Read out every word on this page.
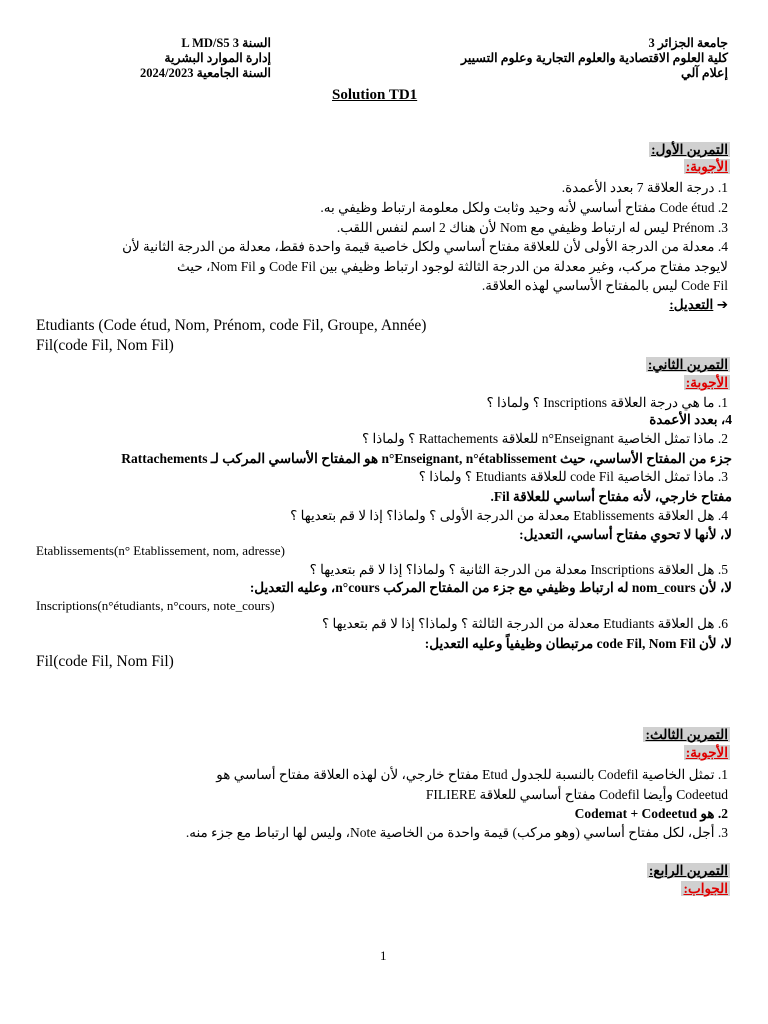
جامعة الجزائر 3
كلية العلوم الاقتصادية والعلوم التجارية وعلوم التسيير
إعلام آلي
السنة 3 L MD/S5
إدارة الموارد البشرية
السنة الجامعية 2024/2023
Solution TD1
التمرين الأول:
الأجوبة:
1. درجة العلاقة 7 بعدد الأعمدة.
2. Code étud مفتاح أساسي لأنه وحيد وثابت ولكل معلومة ارتباط وظيفي به.
3. Prénom ليس له ارتباط وظيفي مع Nom لأن هناك 2 اسم لنفس اللقب.
4. معدلة من الدرجة الأولى لأن للعلاقة مفتاح أساسي ولكل خاصية قيمة واحدة فقط، معدلة من الدرجة الثانية لأن
لايوجد مفتاح مركب، وغير معدلة من الدرجة الثالثة لوجود ارتباط وظيفي بين Code Fil و Nom Fil، حيث
Code Fil ليس بالمفتاح الأساسي لهذه العلاقة.
➔ التعديل:
Etudiants (Code étud, Nom, Prénom, code Fil, Groupe, Année)
Fil(code Fil, Nom Fil)
التمرين الثاني:
الأجوبة:
1. ما هي درجة العلاقة Inscriptions ؟ ولماذا ؟
4، بعدد الأعمدة
2. ماذا تمثل الخاصية n°Enseignant للعلاقة Rattachements ؟ ولماذا ؟
جزء من المفتاح الأساسي، حيث n°Enseignant, n°établissement هو المفتاح الأساسي المركب لـ Rattachements
3. ماذا تمثل الخاصية code Fil للعلاقة Etudiants ؟ ولماذا ؟
مفتاح خارجي، لأنه مفتاح أساسي للعلاقة Fil.
4. هل العلاقة Etablissements معدلة من الدرجة الأولى ؟ ولماذا؟ إذا لا قم بتعديها ؟
لا، لأنها لا تحوي مفتاح أساسي، التعديل:
Etablissements(n° Etablissement, nom, adresse)
5. هل العلاقة Inscriptions معدلة من الدرجة الثانية ؟ ولماذا؟ إذا لا قم بتعديها ؟
لا، لأن nom_cours له ارتباط وظيفي مع جزء من المفتاح المركب n°cours، وعليه التعديل:
Inscriptions(n°étudiants, n°cours, note_cours)
6. هل العلاقة Etudiants معدلة من الدرجة الثالثة ؟ ولماذا؟ إذا لا قم بتعديها ؟
لا، لأن code Fil, Nom Fil مرتبطان وظيفياً وعليه التعديل:
Fil(code Fil, Nom Fil)
التمرين الثالث:
الأجوبة:
1. تمثل الخاصية Codefil بالنسبة للجدول Etud مفتاح خارجي، لأن لهذه العلاقة مفتاح أساسي هو
Codeetud وأيضا Codefil مفتاح أساسي للعلاقة FILIERE
2. هو Codemat + Codeetud
3. أجل، لكل مفتاح أساسي (وهو مركب) قيمة واحدة من الخاصية Note، وليس لها ارتباط مع جزء منه.
التمرين الرابع:
الجواب:
1
